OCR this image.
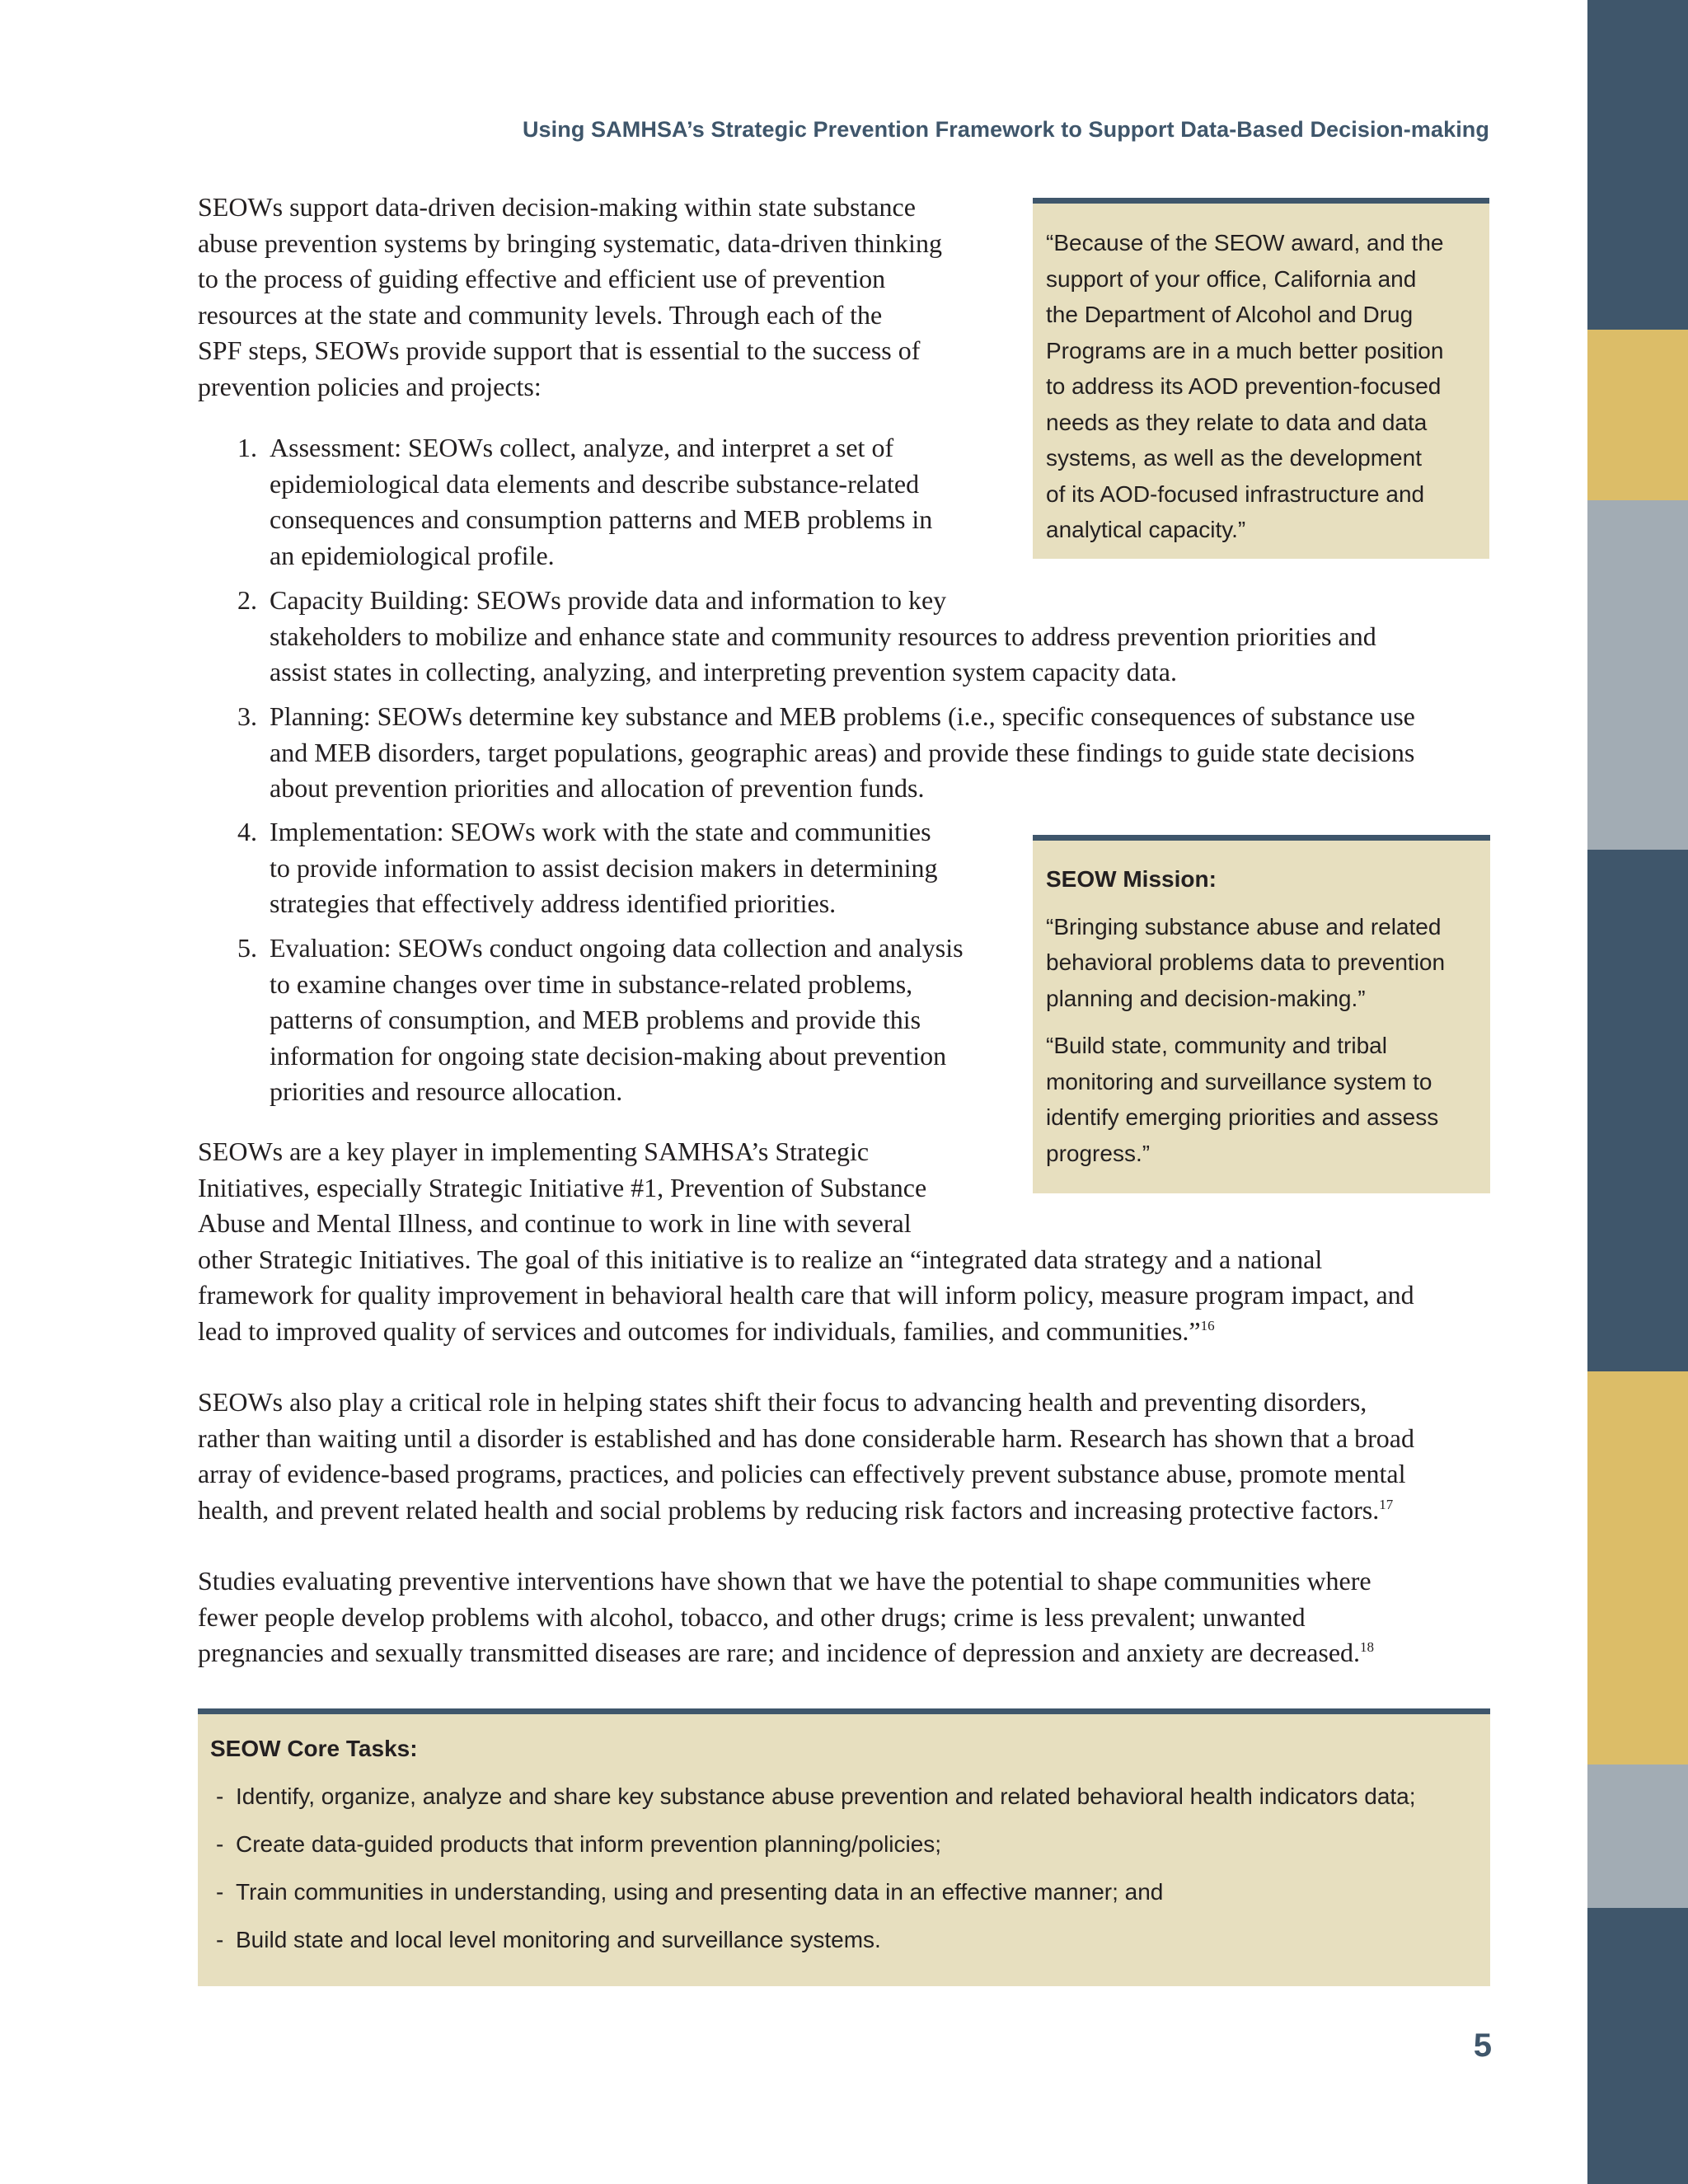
Using SAMHSA’s Strategic Prevention Framework to Support Data-Based Decision-making
SEOWs support data-driven decision-making within state substance
abuse prevention systems by bringing systematic, data-driven thinking
to the process of guiding effective and efficient use of prevention
resources at the state and community levels. Through each of the
SPF steps, SEOWs provide support that is essential to the success of
prevention policies and projects:
1. Assessment: SEOWs collect, analyze, and interpret a set of
epidemiological data elements and describe substance-related
consequences and consumption patterns and MEB problems in
an epidemiological profile.
2. Capacity Building: SEOWs provide data and information to key
stakeholders to mobilize and enhance state and community resources to address prevention priorities and
assist states in collecting, analyzing, and interpreting prevention system capacity data.
3. Planning: SEOWs determine key substance and MEB problems (i.e., specific consequences of substance use
and MEB disorders, target populations, geographic areas) and provide these findings to guide state decisions
about prevention priorities and allocation of prevention funds.
4. Implementation: SEOWs work with the state and communities
to provide information to assist decision makers in determining
strategies that effectively address identified priorities.
5. Evaluation: SEOWs conduct ongoing data collection and analysis
to examine changes over time in substance-related problems,
patterns of consumption, and MEB problems and provide this
information for ongoing state decision-making about prevention
priorities and resource allocation.
SEOWs are a key player in implementing SAMHSA’s Strategic
Initiatives, especially Strategic Initiative #1, Prevention of Substance
Abuse and Mental Illness, and continue to work in line with several
other Strategic Initiatives. The goal of this initiative is to realize an “integrated data strategy and a national
framework for quality improvement in behavioral health care that will inform policy, measure program impact, and
lead to improved quality of services and outcomes for individuals, families, and communities.”$^{16}$
SEOWs also play a critical role in helping states shift their focus to advancing health and preventing disorders,
rather than waiting until a disorder is established and has done considerable harm. Research has shown that a broad
array of evidence-based programs, practices, and policies can effectively prevent substance abuse, promote mental
health, and prevent related health and social problems by reducing risk factors and increasing protective factors.$^{17}$
Studies evaluating preventive interventions have shown that we have the potential to shape communities where
fewer people develop problems with alcohol, tobacco, and other drugs; crime is less prevalent; unwanted
pregnancies and sexually transmitted diseases are rare; and incidence of depression and anxiety are decreased.$^{18}$

“Because of the SEOW award, and the
support of your office, California and
the Department of Alcohol and Drug
Programs are in a much better position
to address its AOD prevention-focused
needs as they relate to data and data
systems, as well as the development
of its AOD-focused infrastructure and
analytical capacity.”

SEOW Mission:

“Bringing substance abuse and related
behavioral problems data to prevention
planning and decision-making.”

“Build state, community and tribal
monitoring and surveillance system to
identify emerging priorities and assess
progress.”

SEOW Core Tasks:

- Identify, organize, analyze and share key substance abuse prevention and related behavioral health indicators data;
- Create data-guided products that inform prevention planning/policies;
- Train communities in understanding, using and presenting data in an effective manner; and
- Build state and local level monitoring and surveillance systems.
5
